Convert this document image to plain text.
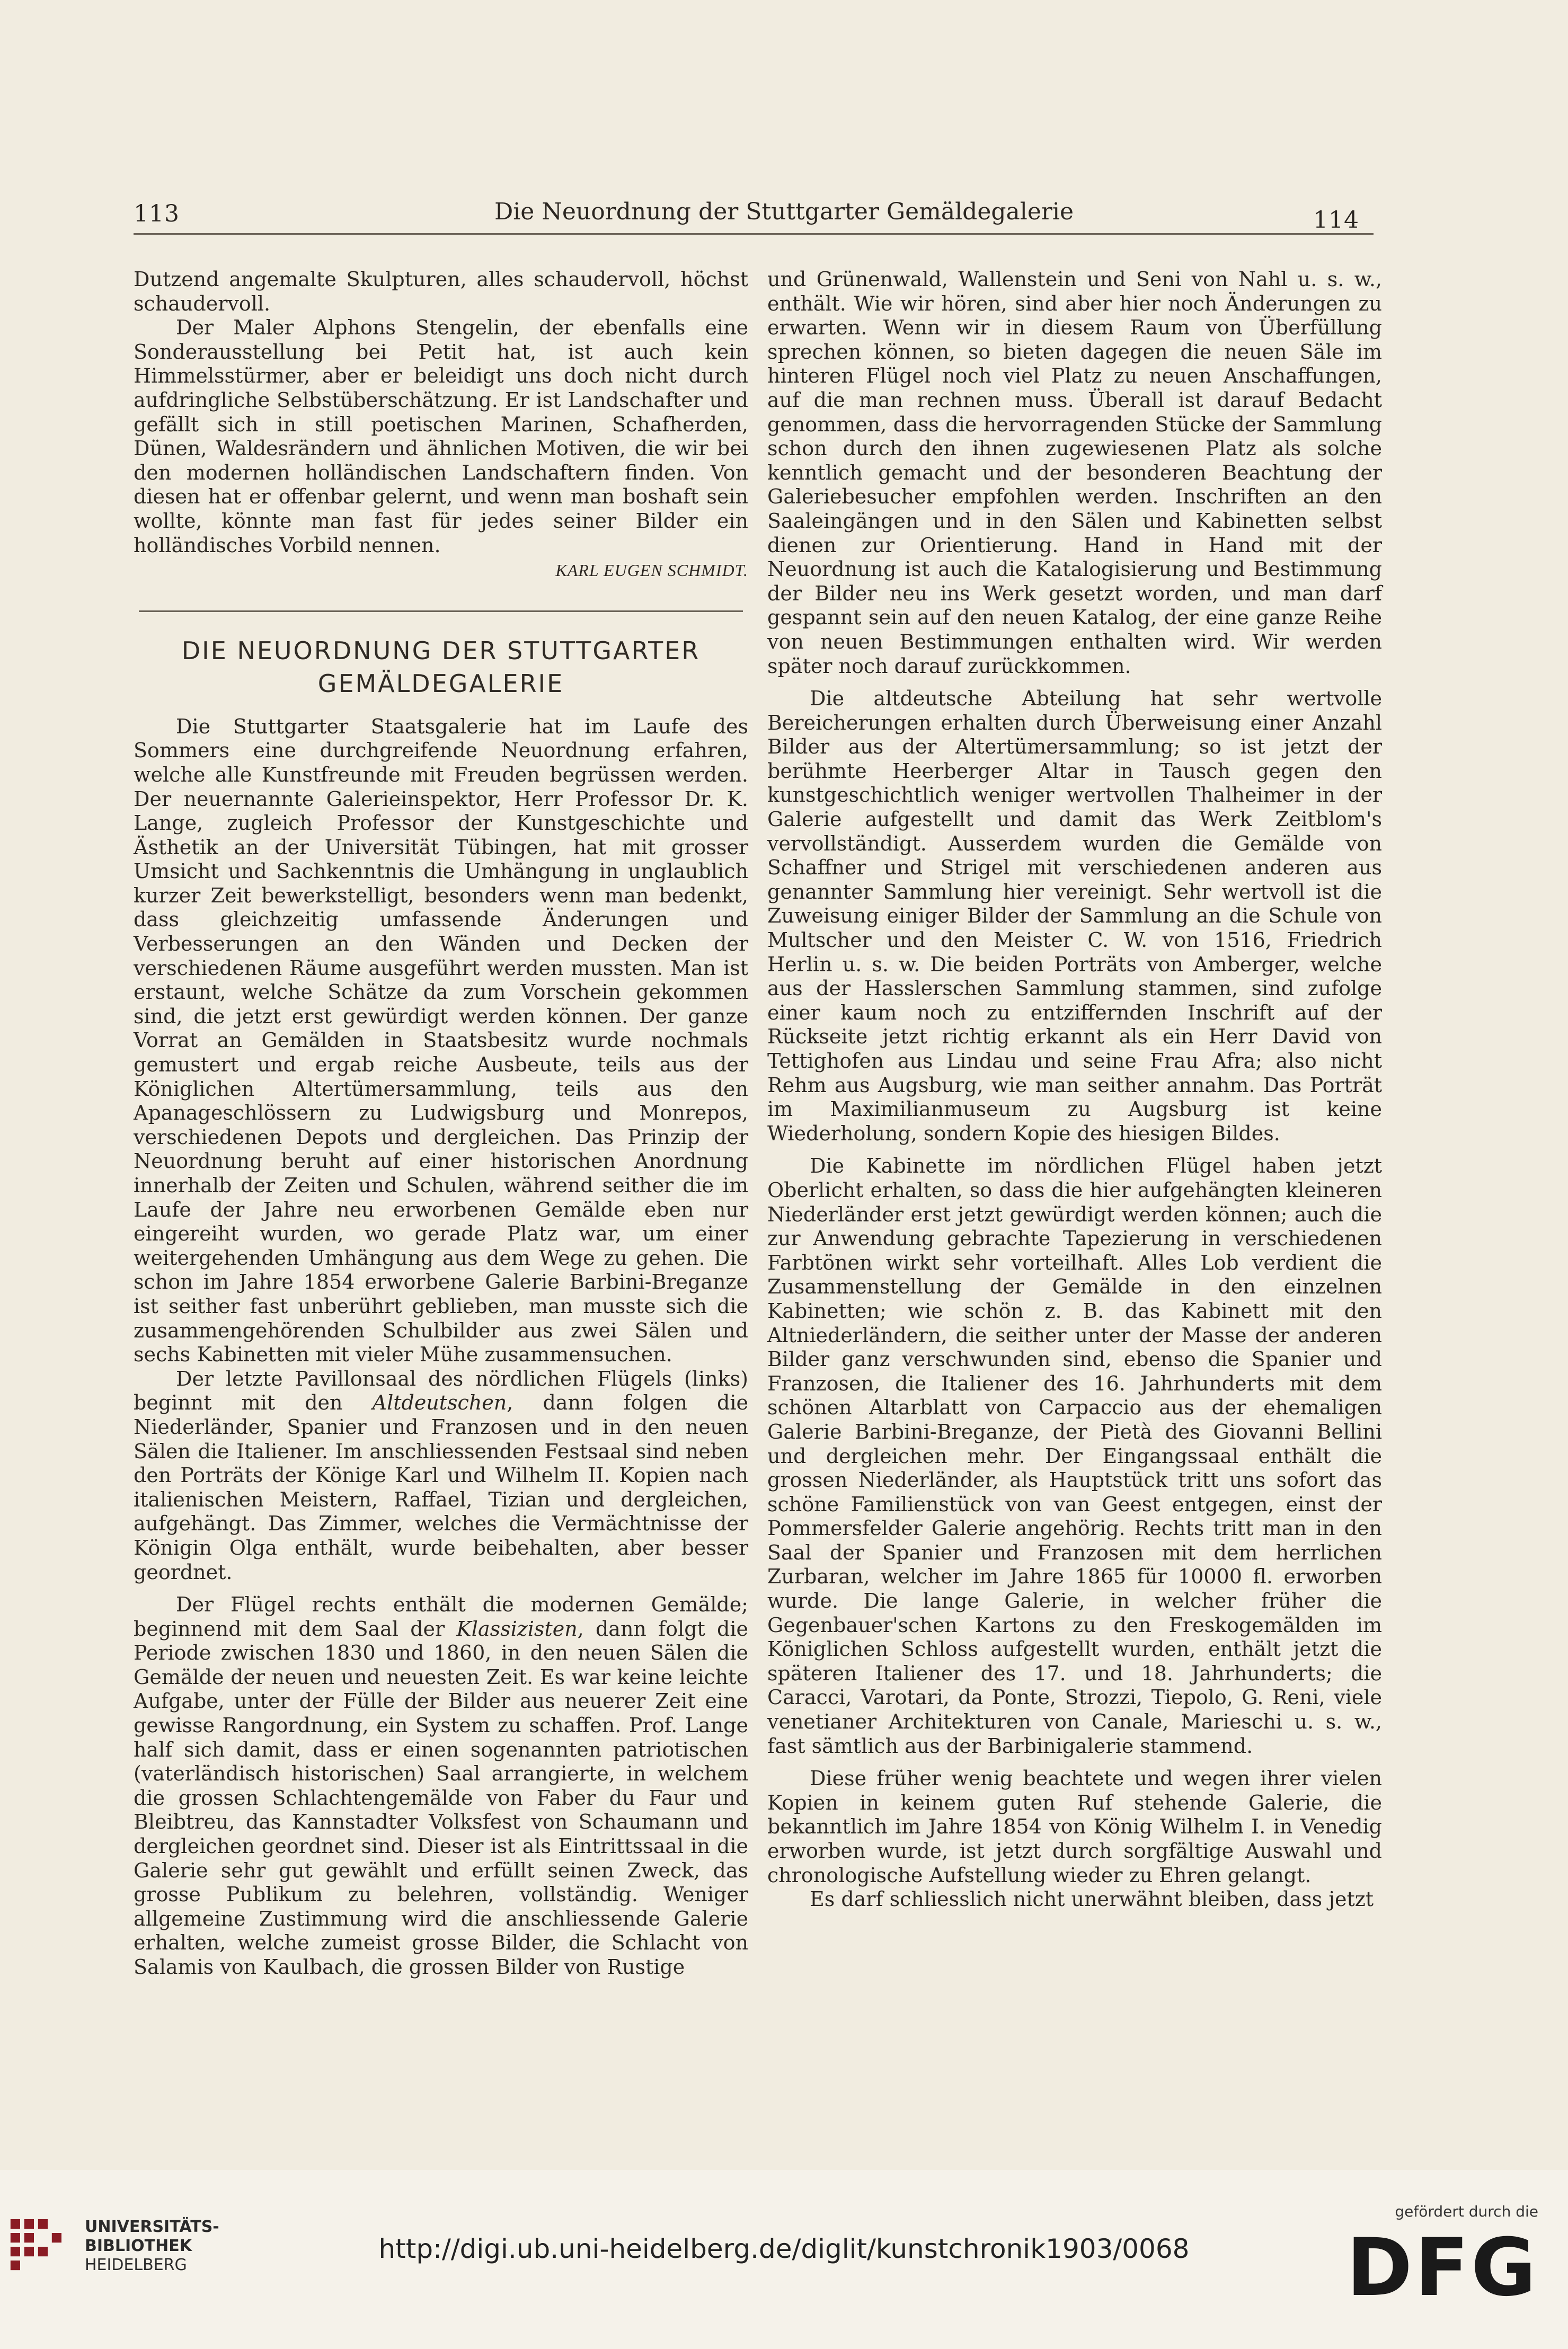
113	Die Neuordnung der Stuttgarter Gemäldegalerie	114

Dutzend angemalte Skulpturen, alles schaudervoll, höchst schaudervoll.

Der Maler Alphons Stengelin, der ebenfalls eine Sonderausstellung bei Petit hat, ist auch kein Himmelsstürmer, aber er beleidigt uns doch nicht durch aufdringliche Selbstüberschätzung. Er ist Landschafter und gefällt sich in still poetischen Marinen, Schafherden, Dünen, Waldesrändern und ähnlichen Motiven, die wir bei den modernen holländischen Landschaftern finden. Von diesen hat er offenbar gelernt, und wenn man boshaft sein wollte, könnte man fast für jedes seiner Bilder ein holländisches Vorbild nennen.

KARL EUGEN SCHMIDT.

DIE NEUORDNUNG DER STUTTGARTER
GEMÄLDEGALERIE

Die Stuttgarter Staatsgalerie hat im Laufe des Sommers eine durchgreifende Neuordnung erfahren, welche alle Kunstfreunde mit Freuden begrüssen werden. Der neuernannte Galerieinspektor, Herr Professor Dr. K. Lange, zugleich Professor der Kunstgeschichte und Ästhetik an der Universität Tübingen, hat mit grosser Umsicht und Sachkenntnis die Umhängung in unglaublich kurzer Zeit bewerkstelligt, besonders wenn man bedenkt, dass gleichzeitig umfassende Änderungen und Verbesserungen an den Wänden und Decken der verschiedenen Räume ausgeführt werden mussten. Man ist erstaunt, welche Schätze da zum Vorschein gekommen sind, die jetzt erst gewürdigt werden können. Der ganze Vorrat an Gemälden in Staatsbesitz wurde nochmals gemustert und ergab reiche Ausbeute, teils aus der Königlichen Altertümersammlung, teils aus den Apanageschlössern zu Ludwigsburg und Monrepos, verschiedenen Depots und dergleichen. Das Prinzip der Neuordnung beruht auf einer historischen Anordnung innerhalb der Zeiten und Schulen, während seither die im Laufe der Jahre neu erworbenen Gemälde eben nur eingereiht wurden, wo gerade Platz war, um einer weitergehenden Umhängung aus dem Wege zu gehen. Die schon im Jahre 1854 erworbene Galerie Barbini-Breganze ist seither fast unberührt geblieben, man musste sich die zusammengehörenden Schulbilder aus zwei Sälen und sechs Kabinetten mit vieler Mühe zusammensuchen.

Der letzte Pavillonsaal des nördlichen Flügels (links) beginnt mit den Altdeutschen, dann folgen die Niederländer, Spanier und Franzosen und in den neuen Sälen die Italiener. Im anschliessenden Festsaal sind neben den Porträts der Könige Karl und Wilhelm II. Kopien nach italienischen Meistern, Raffael, Tizian und dergleichen, aufgehängt. Das Zimmer, welches die Vermächtnisse der Königin Olga enthält, wurde beibehalten, aber besser geordnet.

Der Flügel rechts enthält die modernen Gemälde; beginnend mit dem Saal der Klassizisten, dann folgt die Periode zwischen 1830 und 1860, in den neuen Sälen die Gemälde der neuen und neuesten Zeit. Es war keine leichte Aufgabe, unter der Fülle der Bilder aus neuerer Zeit eine gewisse Rangordnung, ein System zu schaffen. Prof. Lange half sich damit, dass er einen sogenannten patriotischen (vaterländisch historischen) Saal arrangierte, in welchem die grossen Schlachtengemälde von Faber du Faur und Bleibtreu, das Kannstadter Volksfest von Schaumann und dergleichen geordnet sind. Dieser ist als Eintrittssaal in die Galerie sehr gut gewählt und erfüllt seinen Zweck, das grosse Publikum zu belehren, vollständig. Weniger allgemeine Zustimmung wird die anschliessende Galerie erhalten, welche zumeist grosse Bilder, die Schlacht von Salamis von Kaulbach, die grossen Bilder von Rustige

und Grünenwald, Wallenstein und Seni von Nahl u. s. w., enthält. Wie wir hören, sind aber hier noch Änderungen zu erwarten. Wenn wir in diesem Raum von Überfüllung sprechen können, so bieten dagegen die neuen Säle im hinteren Flügel noch viel Platz zu neuen Anschaffungen, auf die man rechnen muss. Überall ist darauf Bedacht genommen, dass die hervorragenden Stücke der Sammlung schon durch den ihnen zugewiesenen Platz als solche kenntlich gemacht und der besonderen Beachtung der Galeriebesucher empfohlen werden. Inschriften an den Saaleingängen und in den Sälen und Kabinetten selbst dienen zur Orientierung. Hand in Hand mit der Neuordnung ist auch die Katalogisierung und Bestimmung der Bilder neu ins Werk gesetzt worden, und man darf gespannt sein auf den neuen Katalog, der eine ganze Reihe von neuen Bestimmungen enthalten wird. Wir werden später noch darauf zurückkommen.

Die altdeutsche Abteilung hat sehr wertvolle Bereicherungen erhalten durch Überweisung einer Anzahl Bilder aus der Altertümersammlung; so ist jetzt der berühmte Heerberger Altar in Tausch gegen den kunstgeschichtlich weniger wertvollen Thalheimer in der Galerie aufgestellt und damit das Werk Zeitblom's vervollständigt. Ausserdem wurden die Gemälde von Schaffner und Strigel mit verschiedenen anderen aus genannter Sammlung hier vereinigt. Sehr wertvoll ist die Zuweisung einiger Bilder der Sammlung an die Schule von Multscher und den Meister C. W. von 1516, Friedrich Herlin u. s. w. Die beiden Porträts von Amberger, welche aus der Hasslerschen Sammlung stammen, sind zufolge einer kaum noch zu entziffernden Inschrift auf der Rückseite jetzt richtig erkannt als ein Herr David von Tettighofen aus Lindau und seine Frau Afra; also nicht Rehm aus Augsburg, wie man seither annahm. Das Porträt im Maximilianmuseum zu Augsburg ist keine Wiederholung, sondern Kopie des hiesigen Bildes.

Die Kabinette im nördlichen Flügel haben jetzt Oberlicht erhalten, so dass die hier aufgehängten kleineren Niederländer erst jetzt gewürdigt werden können; auch die zur Anwendung gebrachte Tapezierung in verschiedenen Farbtönen wirkt sehr vorteilhaft. Alles Lob verdient die Zusammenstellung der Gemälde in den einzelnen Kabinetten; wie schön z. B. das Kabinett mit den Altniederländern, die seither unter der Masse der anderen Bilder ganz verschwunden sind, ebenso die Spanier und Franzosen, die Italiener des 16. Jahrhunderts mit dem schönen Altarblatt von Carpaccio aus der ehemaligen Galerie Barbini-Breganze, der Pietà des Giovanni Bellini und dergleichen mehr. Der Eingangssaal enthält die grossen Niederländer, als Hauptstück tritt uns sofort das schöne Familienstück von van Geest entgegen, einst der Pommersfelder Galerie angehörig. Rechts tritt man in den Saal der Spanier und Franzosen mit dem herrlichen Zurbaran, welcher im Jahre 1865 für 10000 fl. erworben wurde. Die lange Galerie, in welcher früher die Gegenbauer'schen Kartons zu den Freskogemälden im Königlichen Schloss aufgestellt wurden, enthält jetzt die späteren Italiener des 17. und 18. Jahrhunderts; die Caracci, Varotari, da Ponte, Strozzi, Tiepolo, G. Reni, viele venetianer Architekturen von Canale, Marieschi u. s. w., fast sämtlich aus der Barbinigalerie stammend.

Diese früher wenig beachtete und wegen ihrer vielen Kopien in keinem guten Ruf stehende Galerie, die bekanntlich im Jahre 1854 von König Wilhelm I. in Venedig erworben wurde, ist jetzt durch sorgfältige Auswahl und chronologische Aufstellung wieder zu Ehren gelangt.

Es darf schliesslich nicht unerwähnt bleiben, dass jetzt

UNIVERSITÄTS-
BIBLIOTHEK
HEIDELBERG
http://digi.ub.uni-heidelberg.de/diglit/kunstchronik1903/0068
gefördert durch die
DFG
